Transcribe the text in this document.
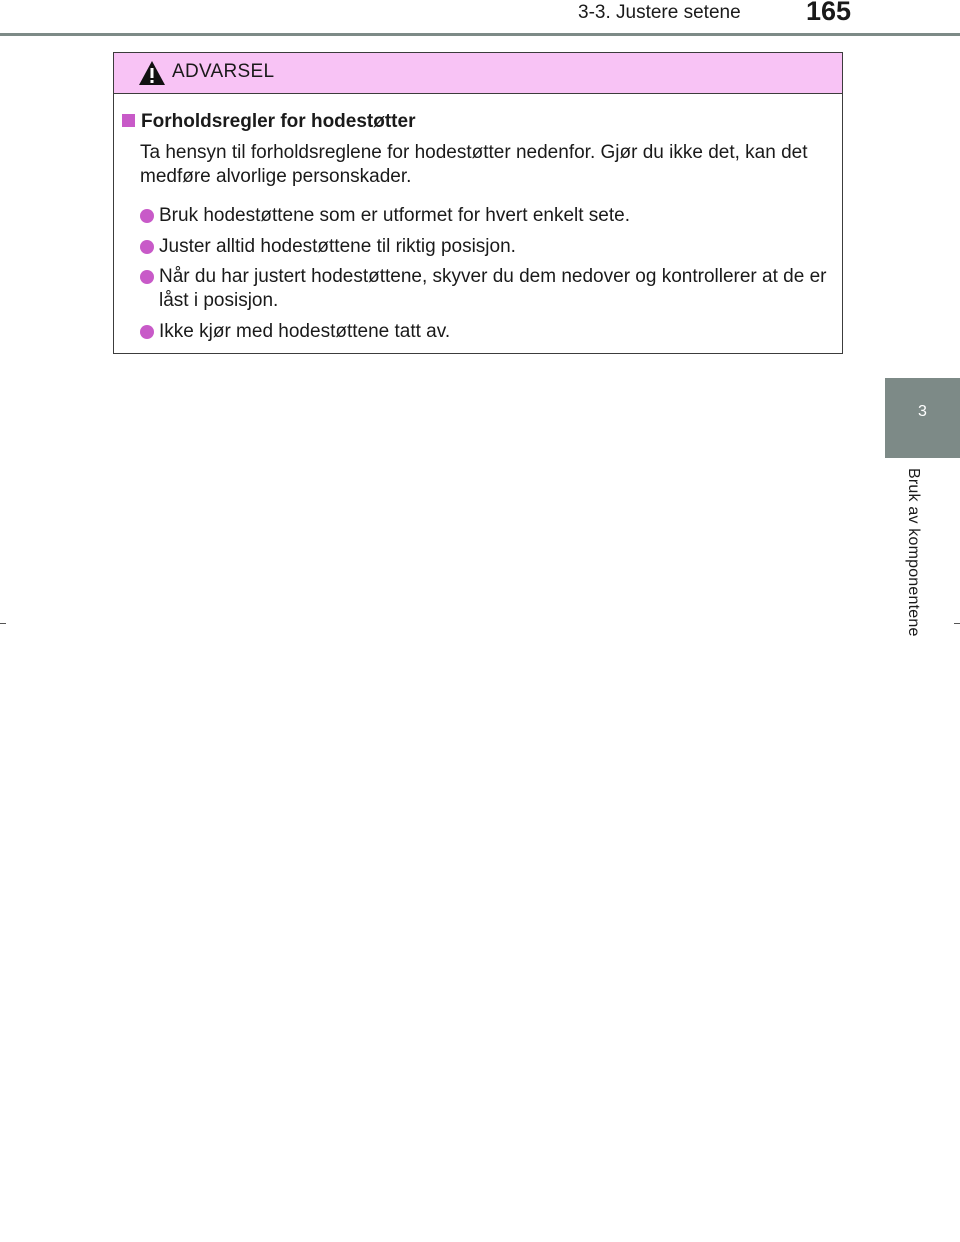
3-3. Justere setene 165
3
Bruk av komponentene
ADVARSEL
Forholdsregler for hodestøtter
Ta hensyn til forholdsreglene for hodestøtter nedenfor. Gjør du ikke det, kan det medføre alvorlige personskader.
Bruk hodestøttene som er utformet for hvert enkelt sete.
Juster alltid hodestøttene til riktig posisjon.
Når du har justert hodestøttene, skyver du dem nedover og kontrollerer at de er låst i posisjon.
Ikke kjør med hodestøttene tatt av.
